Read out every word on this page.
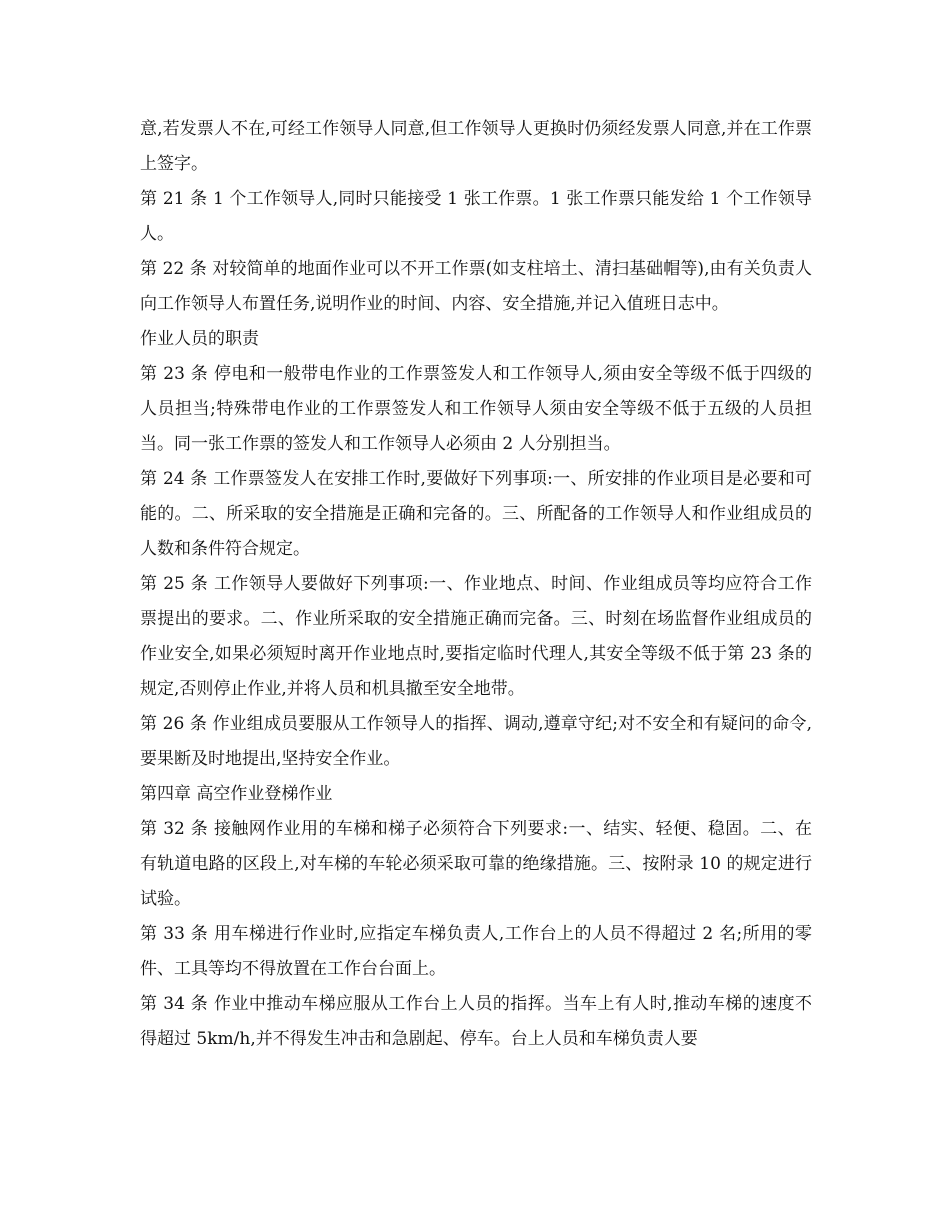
意,若发票人不在,可经工作领导人同意,但工作领导人更换时仍须经发票人同意,并在工作票上签字。

第 21 条 1 个工作领导人,同时只能接受 1 张工作票。1 张工作票只能发给 1 个工作领导人。

第 22 条 对较简单的地面作业可以不开工作票(如支柱培土、清扫基础帽等),由有关负责人向工作领导人布置任务,说明作业的时间、内容、安全措施,并记入值班日志中。

作业人员的职责

第 23 条 停电和一般带电作业的工作票签发人和工作领导人,须由安全等级不低于四级的人员担当;特殊带电作业的工作票签发人和工作领导人须由安全等级不低于五级的人员担当。同一张工作票的签发人和工作领导人必须由 2 人分别担当。

第 24 条 工作票签发人在安排工作时,要做好下列事项:一、所安排的作业项目是必要和可能的。二、所采取的安全措施是正确和完备的。三、所配备的工作领导人和作业组成员的人数和条件符合规定。

第 25 条 工作领导人要做好下列事项:一、作业地点、时间、作业组成员等均应符合工作票提出的要求。二、作业所采取的安全措施正确而完备。三、时刻在场监督作业组成员的作业安全,如果必须短时离开作业地点时,要指定临时代理人,其安全等级不低于第 23 条的规定,否则停止作业,并将人员和机具撤至安全地带。

第 26 条 作业组成员要服从工作领导人的指挥、调动,遵章守纪;对不安全和有疑问的命令,要果断及时地提出,坚持安全作业。

第四章 高空作业登梯作业

第 32 条 接触网作业用的车梯和梯子必须符合下列要求:一、结实、轻便、稳固。二、在有轨道电路的区段上,对车梯的车轮必须采取可靠的绝缘措施。三、按附录 10 的规定进行试验。

第 33 条 用车梯进行作业时,应指定车梯负责人,工作台上的人员不得超过 2 名;所用的零件、工具等均不得放置在工作台台面上。

第 34 条 作业中推动车梯应服从工作台上人员的指挥。当车上有人时,推动车梯的速度不得超过 5km/h,并不得发生冲击和急剧起、停车。台上人员和车梯负责人要
